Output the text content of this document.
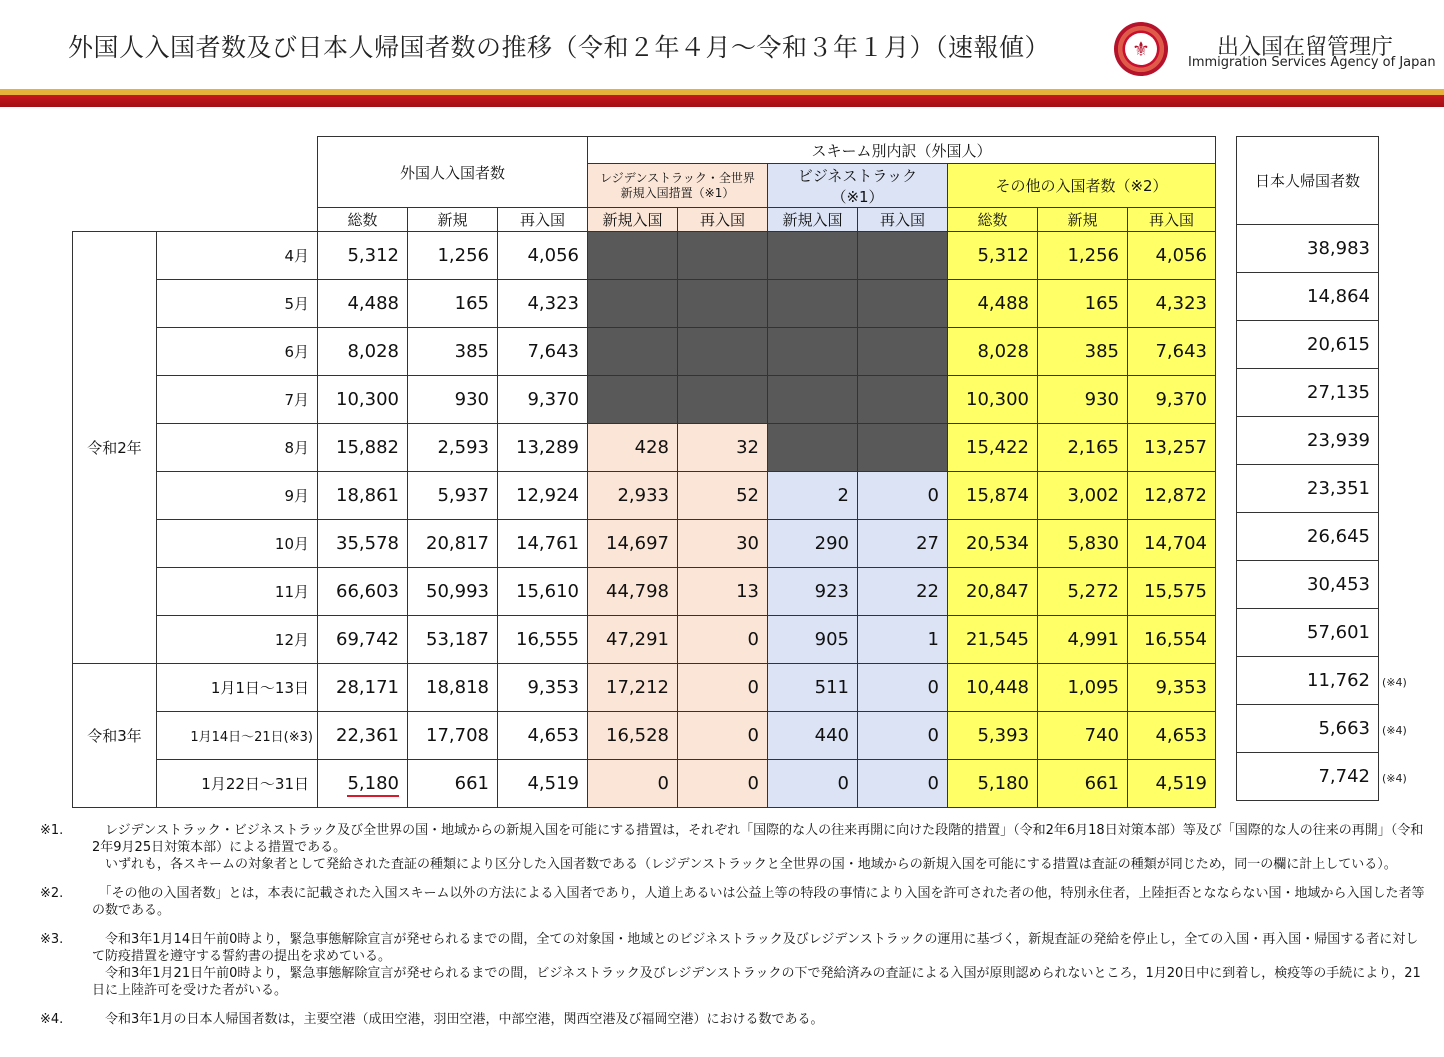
外国人入国者数及び日本人帰国者数の推移（令和２年４月〜令和３年１月）（速報値）	⚜	出入国在留管理庁
Immigration Services Agency of Japan
		外国人入国者数			スキーム別内訳（外国人）						
					レジデンストラック・全世界新規入国措置（※1）		ビジネストラック（※1）		その他の入国者数（※2）		
		総数	新規	再入国	新規入国	再入国	新規入国	再入国	総数	新規	再入国
令和2年	4月	5,312	1,256	4,056					5,312	1,256	4,056
	5月	4,488	165	4,323					4,488	165	4,323
	6月	8,028	385	7,643					8,028	385	7,643
	7月	10,300	930	9,370					10,300	930	9,370
	8月	15,882	2,593	13,289	428	32			15,422	2,165	13,257
	9月	18,861	5,937	12,924	2,933	52	2	0	15,874	3,002	12,872
	10月	35,578	20,817	14,761	14,697	30	290	27	20,534	5,830	14,704
	11月	66,603	50,993	15,610	44,798	13	923	22	20,847	5,272	15,575
	12月	69,742	53,187	16,555	47,291	0	905	1	21,545	4,991	16,554
令和3年	1月1日〜13日	28,171	18,818	9,353	17,212	0	511	0	10,448	1,095	9,353
	1月14日〜21日(※3)	22,361	17,708	4,653	16,528	0	440	0	5,393	740	4,653
	1月22日〜31日	5,180	661	4,519	0	0	0	0	5,180	661	4,519
日本人帰国者数
38,983
14,864
20,615
27,135
23,939
23,351
26,645
30,453
57,601
11,762
5,663
7,742
(※4)
(※4)
(※4)
※1. 　レジデンストラック・ビジネストラック及び全世界の国・地域からの新規入国を可能にする措置は，それぞれ「国際的な人の往来再開に向けた段階的措置」（令和2年6月18日対策本部）等及び「国際的な人の往来の再開」（令和2年9月25日対策本部）による措置である。

　いずれも，各スキームの対象者として発給された査証の種類により区分した入国者数である（レジデンストラックと全世界の国・地域からの新規入国を可能にする措置は査証の種類が同じため，同一の欄に計上している）。

※2. 　「その他の入国者数」とは，本表に記載された入国スキーム以外の方法による入国者であり，人道上あるいは公益上等の特段の事情により入国を許可された者の他，特別永住者，上陸拒否となならない国・地域から入国した者等の数である。

※3. 　令和3年1月14日午前0時より，緊急事態解除宣言が発せられるまでの間，全ての対象国・地域とのビジネストラック及びレジデンストラックの運用に基づく，新規査証の発給を停止し，全ての入国・再入国・帰国する者に対して防疫措置を遵守する誓約書の提出を求めている。

　令和3年1月21日午前0時より，緊急事態解除宣言が発せられるまでの間，ビジネストラック及びレジデンストラックの下で発給済みの査証による入国が原則認められないところ，1月20日中に到着し，検疫等の手続により，21日に上陸許可を受けた者がいる。

※4. 　令和3年1月の日本人帰国者数は，主要空港（成田空港，羽田空港，中部空港，関西空港及び福岡空港）における数である。
